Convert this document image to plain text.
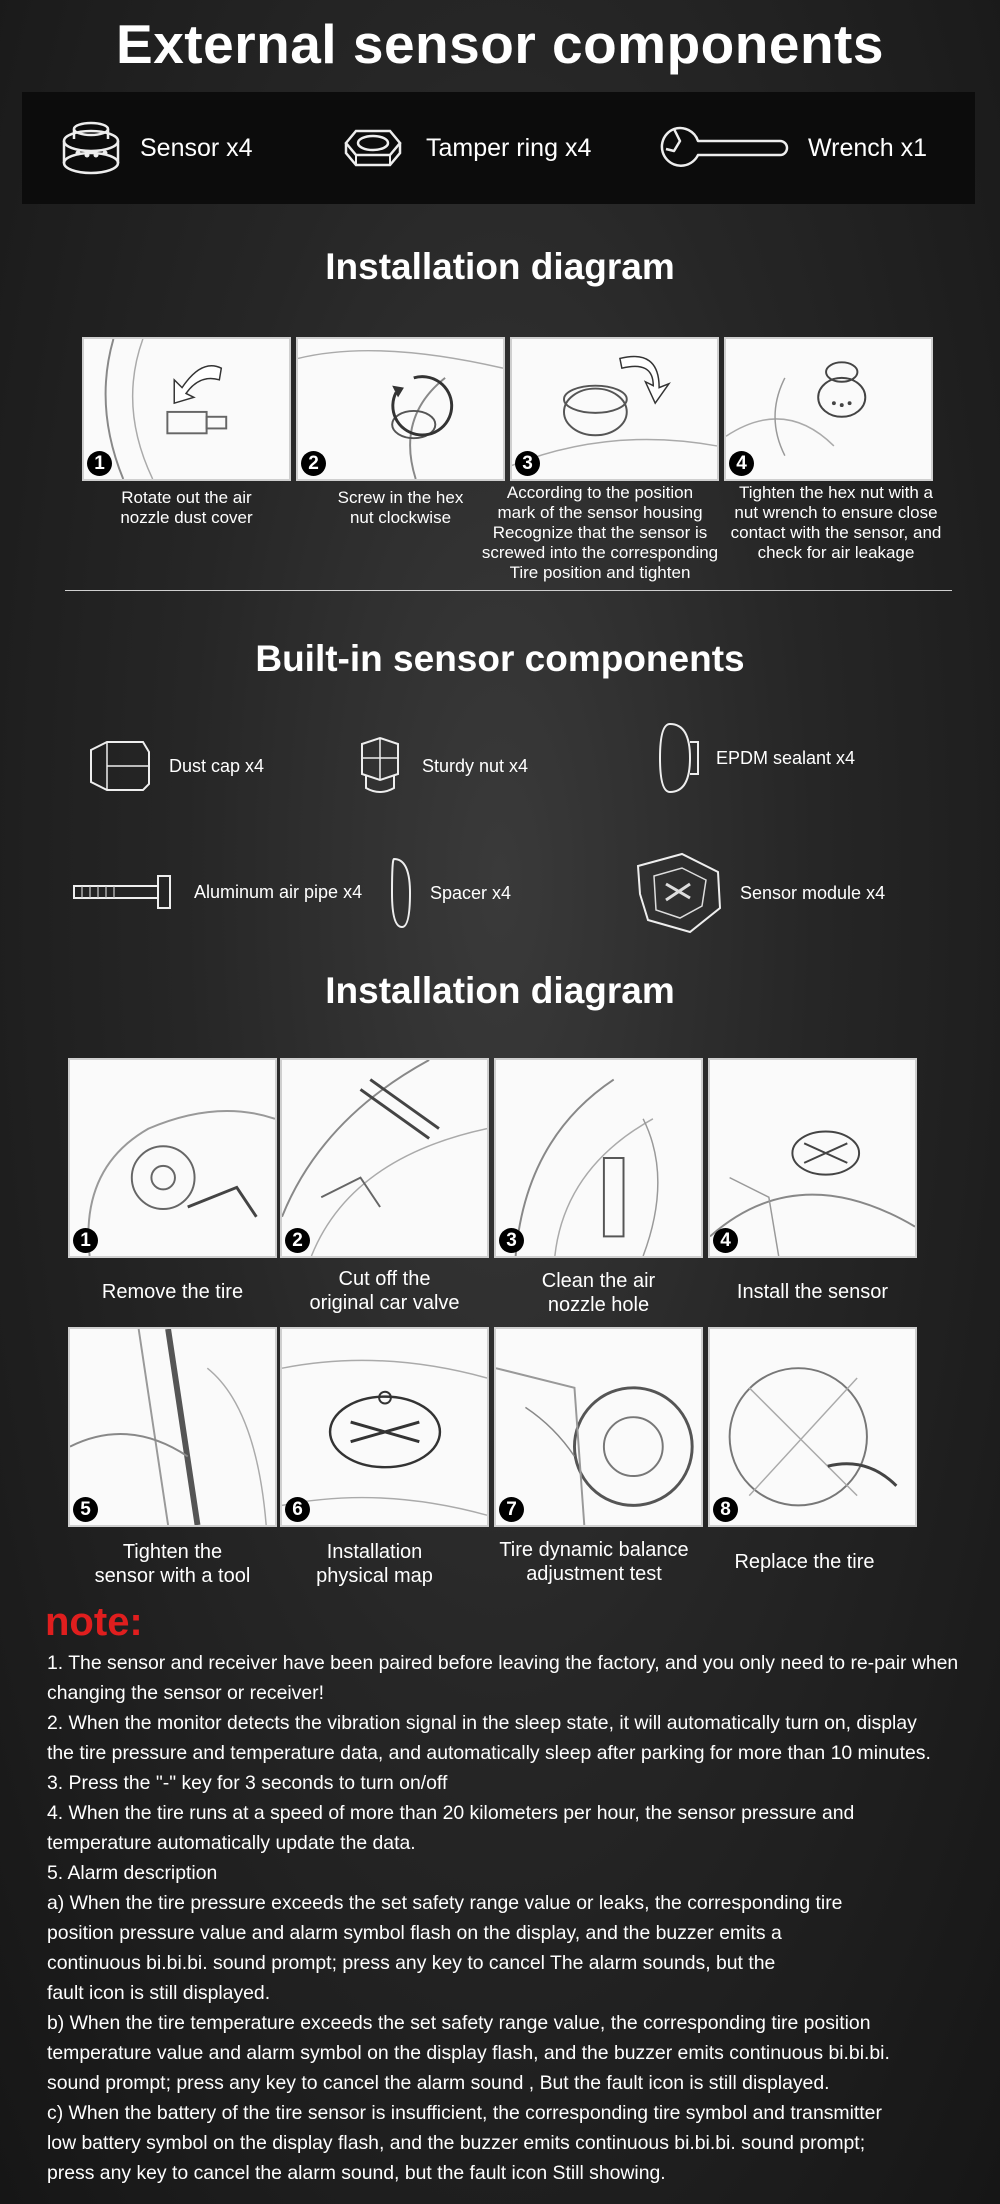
External sensor components
Sensor x4	Tamper ring x4	Wrench x1
Installation diagram
1	2	3	4
Rotate out the air
nozzle dust cover
Screw in the hex
nut clockwise
According to the position
mark of the sensor housing
Recognize that the sensor is
screwed into the corresponding
Tire position and tighten
Tighten the hex nut with a
nut wrench to ensure close
contact with the sensor, and
check for air leakage
Built-in sensor components
Dust cap x4	Sturdy nut x4	EPDM sealant x4
Aluminum air pipe x4	Spacer x4	Sensor module x4
Installation diagram
1	2	3	4
Remove the tire
Cut off the
original car valve
Clean the air
nozzle hole
Install the sensor
5	6	7	8
Tighten the
sensor with a tool
Installation
physical map
Tire dynamic balance
adjustment test
Replace the tire
note:
1. The sensor and receiver have been paired before leaving the factory, and you only need to re-pair when
changing the sensor or receiver!
2. When the monitor detects the vibration signal in the sleep state, it will automatically turn on, display
the tire pressure and temperature data, and automatically sleep after parking for more than 10 minutes.
3. Press the "-" key for 3 seconds to turn on/off
4. When the tire runs at a speed of more than 20 kilometers per hour, the sensor pressure and
temperature automatically update the data.
5. Alarm description
a) When the tire pressure exceeds the set safety range value or leaks, the corresponding tire
position pressure value and alarm symbol flash on the display, and the buzzer emits a
continuous bi.bi.bi. sound prompt; press any key to cancel The alarm sounds, but the
fault icon is still displayed.
b) When the tire temperature exceeds the set safety range value, the corresponding tire position
temperature value and alarm symbol on the display flash, and the buzzer emits continuous bi.bi.bi.
sound prompt; press any key to cancel the alarm sound , But the fault icon is still displayed.
c) When the battery of the tire sensor is insufficient, the corresponding tire symbol and transmitter
low battery symbol on the display flash, and the buzzer emits continuous bi.bi.bi. sound prompt;
press any key to cancel the alarm sound, but the fault icon Still showing.
